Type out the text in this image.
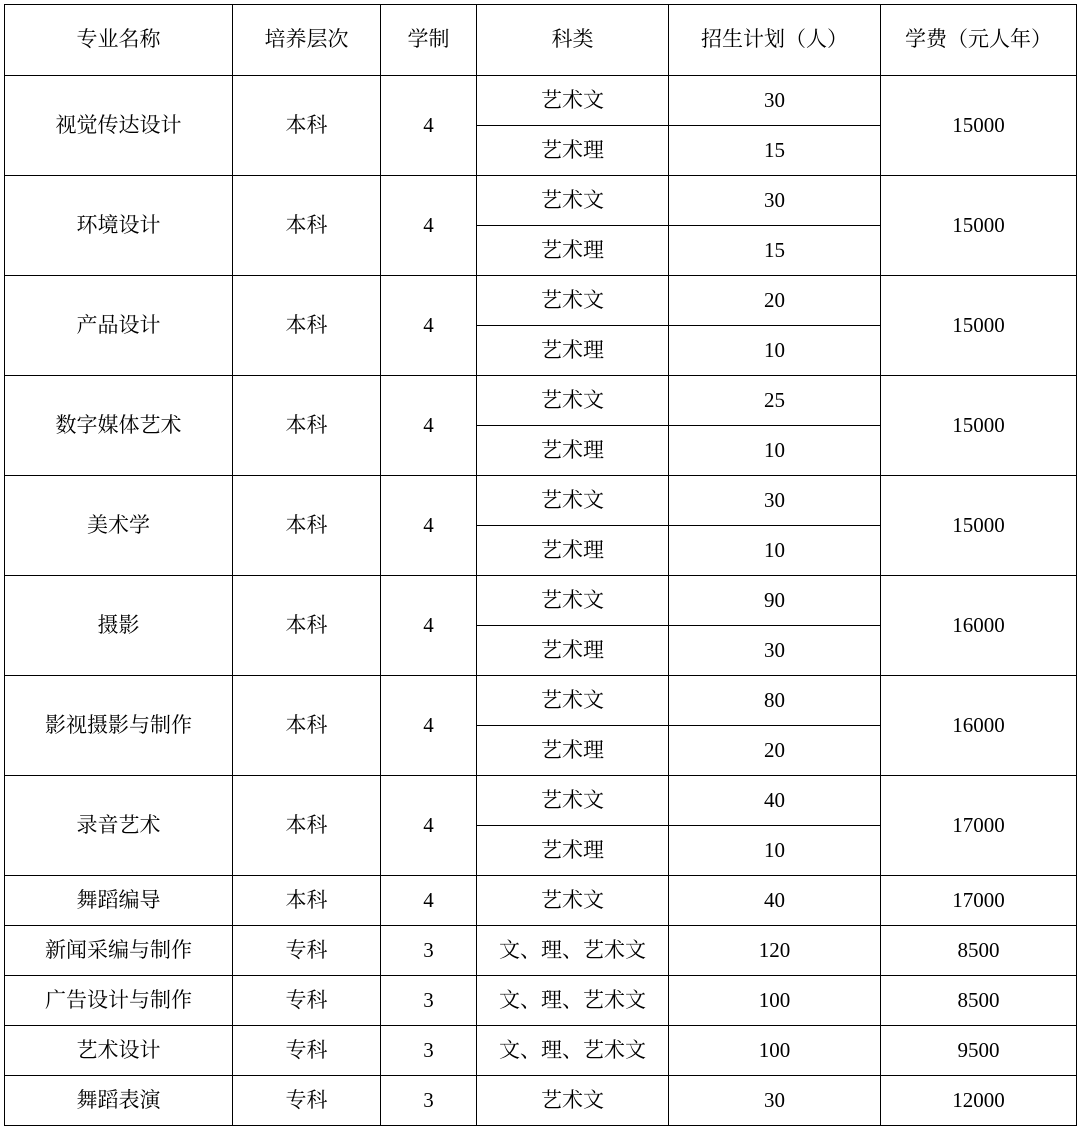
专业名称	培养层次	学制	科类	招生计划（人）	学费（元人年）
视觉传达设计	本科	4	艺术文	30	15000
			艺术理	15	
环境设计	本科	4	艺术文	30	15000
			艺术理	15	
产品设计	本科	4	艺术文	20	15000
			艺术理	10	
数字媒体艺术	本科	4	艺术文	25	15000
			艺术理	10	
美术学	本科	4	艺术文	30	15000
			艺术理	10	
摄影	本科	4	艺术文	90	16000
			艺术理	30	
影视摄影与制作	本科	4	艺术文	80	16000
			艺术理	20	
录音艺术	本科	4	艺术文	40	17000
			艺术理	10	
舞蹈编导	本科	4	艺术文	40	17000
新闻采编与制作	专科	3	文、理、艺术文	120	8500
广告设计与制作	专科	3	文、理、艺术文	100	8500
艺术设计	专科	3	文、理、艺术文	100	9500
舞蹈表演	专科	3	艺术文	30	12000
